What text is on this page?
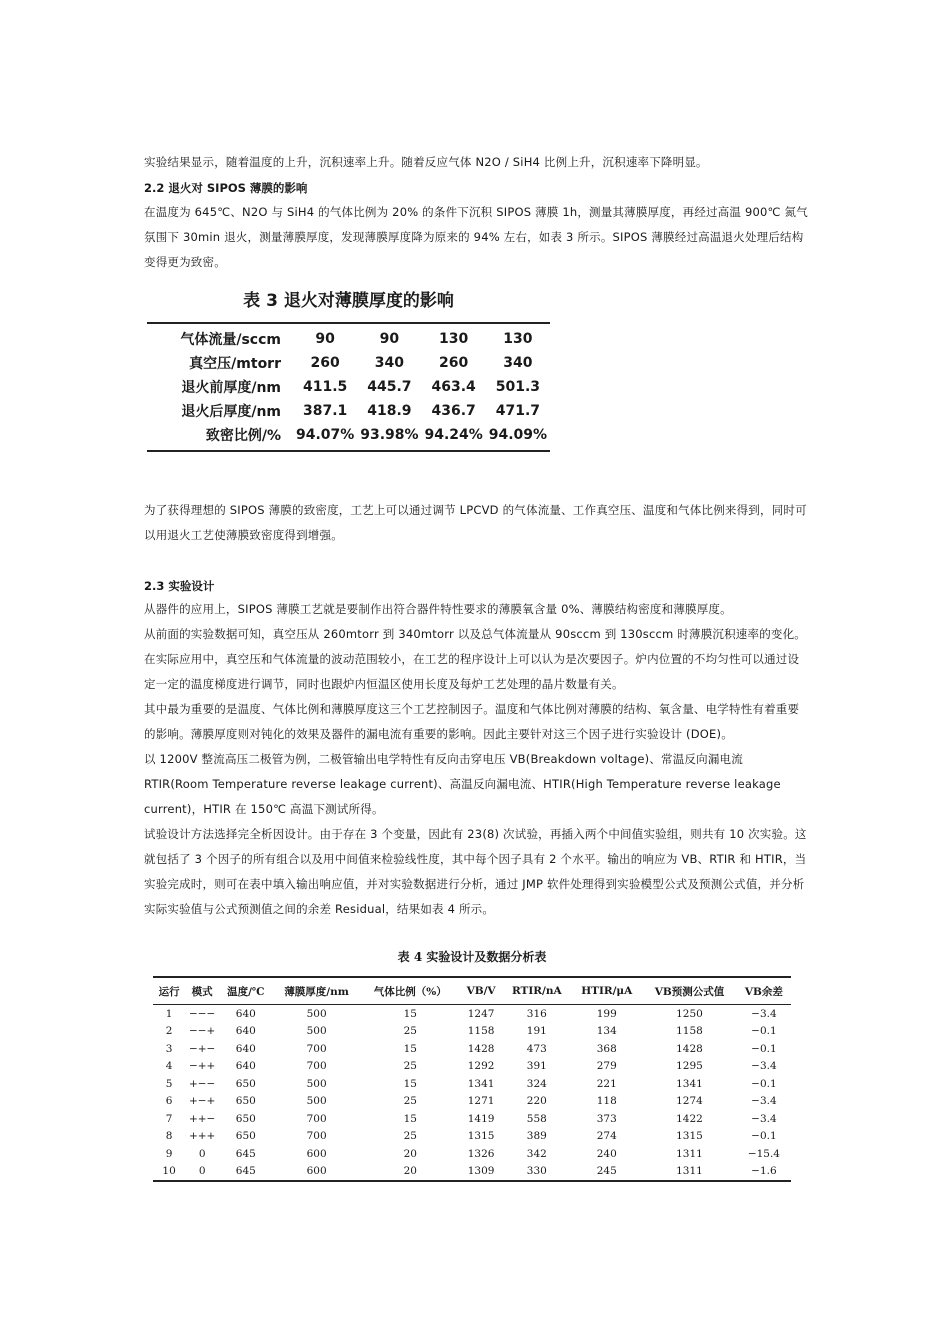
实验结果显示，随着温度的上升，沉积速率上升。随着反应气体 N2O / SiH4 比例上升，沉积速率下降明显。

2.2 退火对 SIPOS 薄膜的影响

在温度为 645℃、N2O 与 SiH4 的气体比例为 20% 的条件下沉积 SIPOS 薄膜 1h，测量其薄膜厚度，再经过高温 900℃ 氮气氛围下 30min 退火，测量薄膜厚度，发现薄膜厚度降为原来的 94% 左右，如表 3 所示。SIPOS 薄膜经过高温退火处理后结构变得更为致密。

表 3 退火对薄膜厚度的影响
气体流量/sccm	90	90	130	130
真空压/mtorr	260	340	260	340
退火前厚度/nm	411.5	445.7	463.4	501.3
退火后厚度/nm	387.1	418.9	436.7	471.7
致密比例/%	94.07%	93.98%	94.24%	94.09%

为了获得理想的 SIPOS 薄膜的致密度，工艺上可以通过调节 LPCVD 的气体流量、工作真空压、温度和气体比例来得到，同时可以用退火工艺使薄膜致密度得到增强。

2.3 实验设计

从器件的应用上，SIPOS 薄膜工艺就是要制作出符合器件特性要求的薄膜氧含量 0%、薄膜结构密度和薄膜厚度。

从前面的实验数据可知，真空压从 260mtorr 到 340mtorr 以及总气体流量从 90sccm 到 130sccm 时薄膜沉积速率的变化。在实际应用中，真空压和气体流量的波动范围较小，在工艺的程序设计上可以认为是次要因子。炉内位置的不均匀性可以通过设定一定的温度梯度进行调节，同时也跟炉内恒温区使用长度及每炉工艺处理的晶片数量有关。

其中最为重要的是温度、气体比例和薄膜厚度这三个工艺控制因子。温度和气体比例对薄膜的结构、氧含量、电学特性有着重要的影响。薄膜厚度则对钝化的效果及器件的漏电流有重要的影响。因此主要针对这三个因子进行实验设计 (DOE)。

以 1200V 整流高压二极管为例，二极管输出电学特性有反向击穿电压 VB(Breakdown voltage)、常温反向漏电流 RTIR(Room Temperature reverse leakage current)、高温反向漏电流、HTIR(High Temperature reverse leakage current)，HTIR 在 150℃ 高温下测试所得。

试验设计方法选择完全析因设计。由于存在 3 个变量，因此有 23(8) 次试验，再插入两个中间值实验组，则共有 10 次实验。这就包括了 3 个因子的所有组合以及用中间值来检验线性度，其中每个因子具有 2 个水平。输出的响应为 VB、RTIR 和 HTIR，当实验完成时，则可在表中填入输出响应值，并对实验数据进行分析，通过 JMP 软件处理得到实验模型公式及预测公式值，并分析实际实验值与公式预测值之间的余差 Residual，结果如表 4 所示。

表 4 实验设计及数据分析表
运行	模式	温度/℃	薄膜厚度/nm	气体比例（%）	VB/V	RTIR/nA	HTIR/μA	VB预测公式值	VB余差
1	−−−	640	500	15	1247	316	199	1250	−3.4
2	−−+	640	500	25	1158	191	134	1158	−0.1
3	−+−	640	700	15	1428	473	368	1428	−0.1
4	−++	640	700	25	1292	391	279	1295	−3.4
5	+−−	650	500	15	1341	324	221	1341	−0.1
6	+−+	650	500	25	1271	220	118	1274	−3.4
7	++−	650	700	15	1419	558	373	1422	−3.4
8	+++	650	700	25	1315	389	274	1315	−0.1
9	0	645	600	20	1326	342	240	1311	−15.4
10	0	645	600	20	1309	330	245	1311	−1.6
